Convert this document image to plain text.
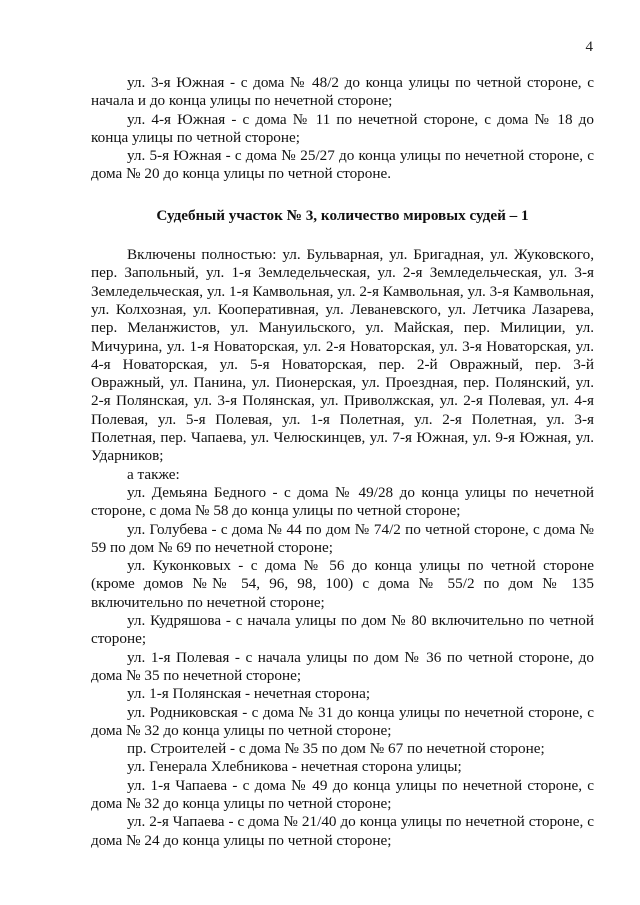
4

ул. 3-я Южная - с дома № 48/2 до конца улицы по четной стороне, с начала и до конца улицы по нечетной стороне;

ул. 4-я Южная - с дома № 11 по нечетной стороне, с дома № 18 до конца улицы по четной стороне;

ул. 5-я Южная - с дома № 25/27 до конца улицы по нечетной стороне, с дома № 20 до конца улицы по четной стороне.

Судебный участок № 3, количество мировых судей – 1

Включены полностью: ул. Бульварная, ул. Бригадная, ул. Жуковского, пер. Запольный, ул. 1-я Земледельческая, ул. 2-я Земледельческая, ул. 3-я Земледельческая, ул. 1-я Камвольная, ул. 2-я Камвольная, ул. 3-я Камвольная, ул. Колхозная, ул. Кооперативная, ул. Леваневского, ул. Летчика Лазарева, пер. Меланжистов, ул. Мануильского, ул. Майская, пер. Милиции, ул. Мичурина, ул. 1-я Новаторская, ул. 2-я Новаторская, ул. 3-я Новаторская, ул. 4-я Новаторская, ул. 5-я Новаторская, пер. 2-й Овражный, пер. 3-й Овражный, ул. Панина, ул. Пионерская, ул. Проездная, пер. Полянский, ул. 2-я Полянская, ул. 3-я Полянская, ул. Приволжская, ул. 2-я Полевая, ул. 4-я Полевая, ул. 5-я Полевая, ул. 1-я Полетная, ул. 2-я Полетная, ул. 3-я Полетная, пер. Чапаева, ул. Челюскинцев, ул. 7-я Южная, ул. 9-я Южная, ул. Ударников;

а также:

ул. Демьяна Бедного - с дома № 49/28 до конца улицы по нечетной стороне, с дома № 58 до конца улицы по четной стороне;

ул. Голубева - с дома № 44 по дом № 74/2 по четной стороне, с дома № 59 по дом № 69 по нечетной стороне;

ул. Куконковых - с дома № 56 до конца улицы по четной стороне (кроме домов №№ 54, 96, 98, 100) с дома № 55/2 по дом № 135 включительно по нечетной стороне;

ул. Кудряшова - с начала улицы по дом № 80 включительно по четной стороне;

ул. 1-я Полевая - с начала улицы по дом № 36 по четной стороне, до дома № 35 по нечетной стороне;

ул. 1-я Полянская - нечетная сторона;

ул. Родниковская - с дома № 31 до конца улицы по нечетной стороне, с дома № 32 до конца улицы по четной стороне;

пр. Строителей - с дома № 35 по дом № 67 по нечетной стороне;

ул. Генерала Хлебникова - нечетная сторона улицы;

ул. 1-я Чапаева - с дома № 49 до конца улицы по нечетной стороне, с дома № 32 до конца улицы по четной стороне;

ул. 2-я Чапаева - с дома № 21/40 до конца улицы по нечетной стороне, с дома № 24 до конца улицы по четной стороне;
